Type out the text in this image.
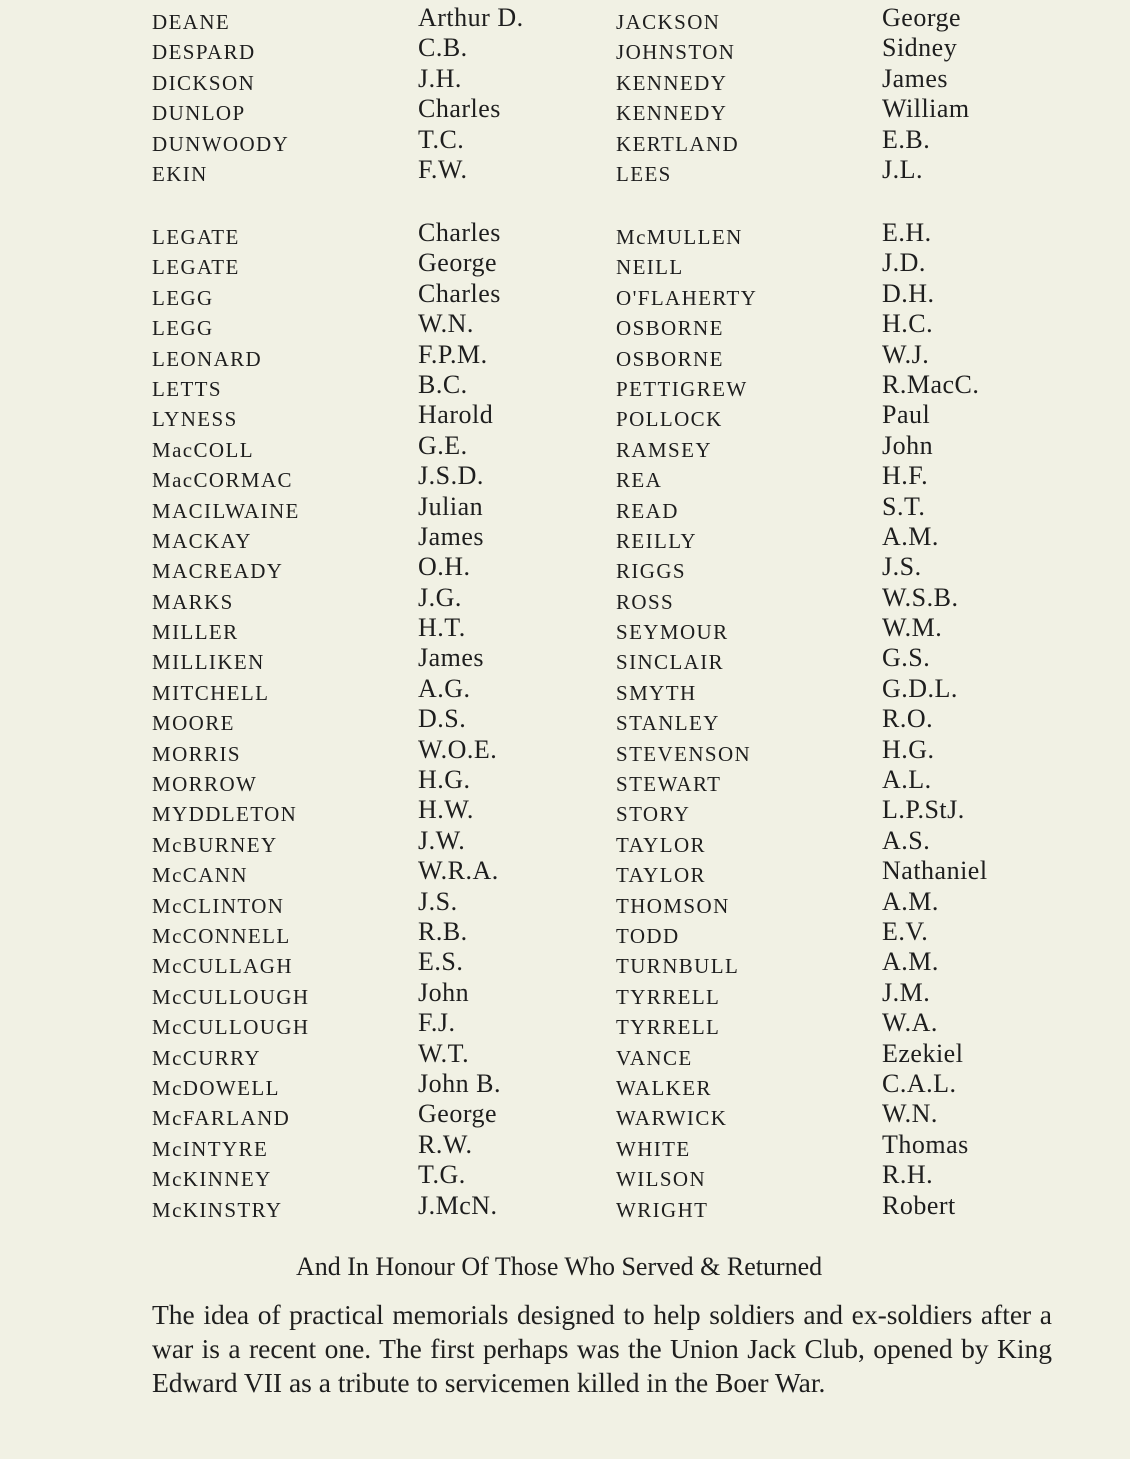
DEANE	Arthur D.	JACKSON	George
DESPARD	C.B.	JOHNSTON	Sidney
DICKSON	J.H.	KENNEDY	James
DUNLOP	Charles	KENNEDY	William
DUNWOODY	T.C.	KERTLAND	E.B.
EKIN	F.W.	LEES	J.L.
LEGATE	Charles	McMULLEN	E.H.
LEGATE	George	NEILL	J.D.
LEGG	Charles	O'FLAHERTY	D.H.
LEGG	W.N.	OSBORNE	H.C.
LEONARD	F.P.M.	OSBORNE	W.J.
LETTS	B.C.	PETTIGREW	R.MacC.
LYNESS	Harold	POLLOCK	Paul
MacCOLL	G.E.	RAMSEY	John
MacCORMAC	J.S.D.	REA	H.F.
MACILWAINE	Julian	READ	S.T.
MACKAY	James	REILLY	A.M.
MACREADY	O.H.	RIGGS	J.S.
MARKS	J.G.	ROSS	W.S.B.
MILLER	H.T.	SEYMOUR	W.M.
MILLIKEN	James	SINCLAIR	G.S.
MITCHELL	A.G.	SMYTH	G.D.L.
MOORE	D.S.	STANLEY	R.O.
MORRIS	W.O.E.	STEVENSON	H.G.
MORROW	H.G.	STEWART	A.L.
MYDDLETON	H.W.	STORY	L.P.StJ.
McBURNEY	J.W.	TAYLOR	A.S.
McCANN	W.R.A.	TAYLOR	Nathaniel
McCLINTON	J.S.	THOMSON	A.M.
McCONNELL	R.B.	TODD	E.V.
McCULLAGH	E.S.	TURNBULL	A.M.
McCULLOUGH	John	TYRRELL	J.M.
McCULLOUGH	F.J.	TYRRELL	W.A.
McCURRY	W.T.	VANCE	Ezekiel
McDOWELL	John B.	WALKER	C.A.L.
McFARLAND	George	WARWICK	W.N.
McINTYRE	R.W.	WHITE	Thomas
McKINNEY	T.G.	WILSON	R.H.
McKINSTRY	J.McN.	WRIGHT	Robert
And In Honour Of Those Who Served & Returned

The idea of practical memorials designed to help soldiers and ex-soldiers after a war is a recent one. The first perhaps was the Union Jack Club, opened by King Edward VII as a tribute to servicemen killed in the Boer War.
